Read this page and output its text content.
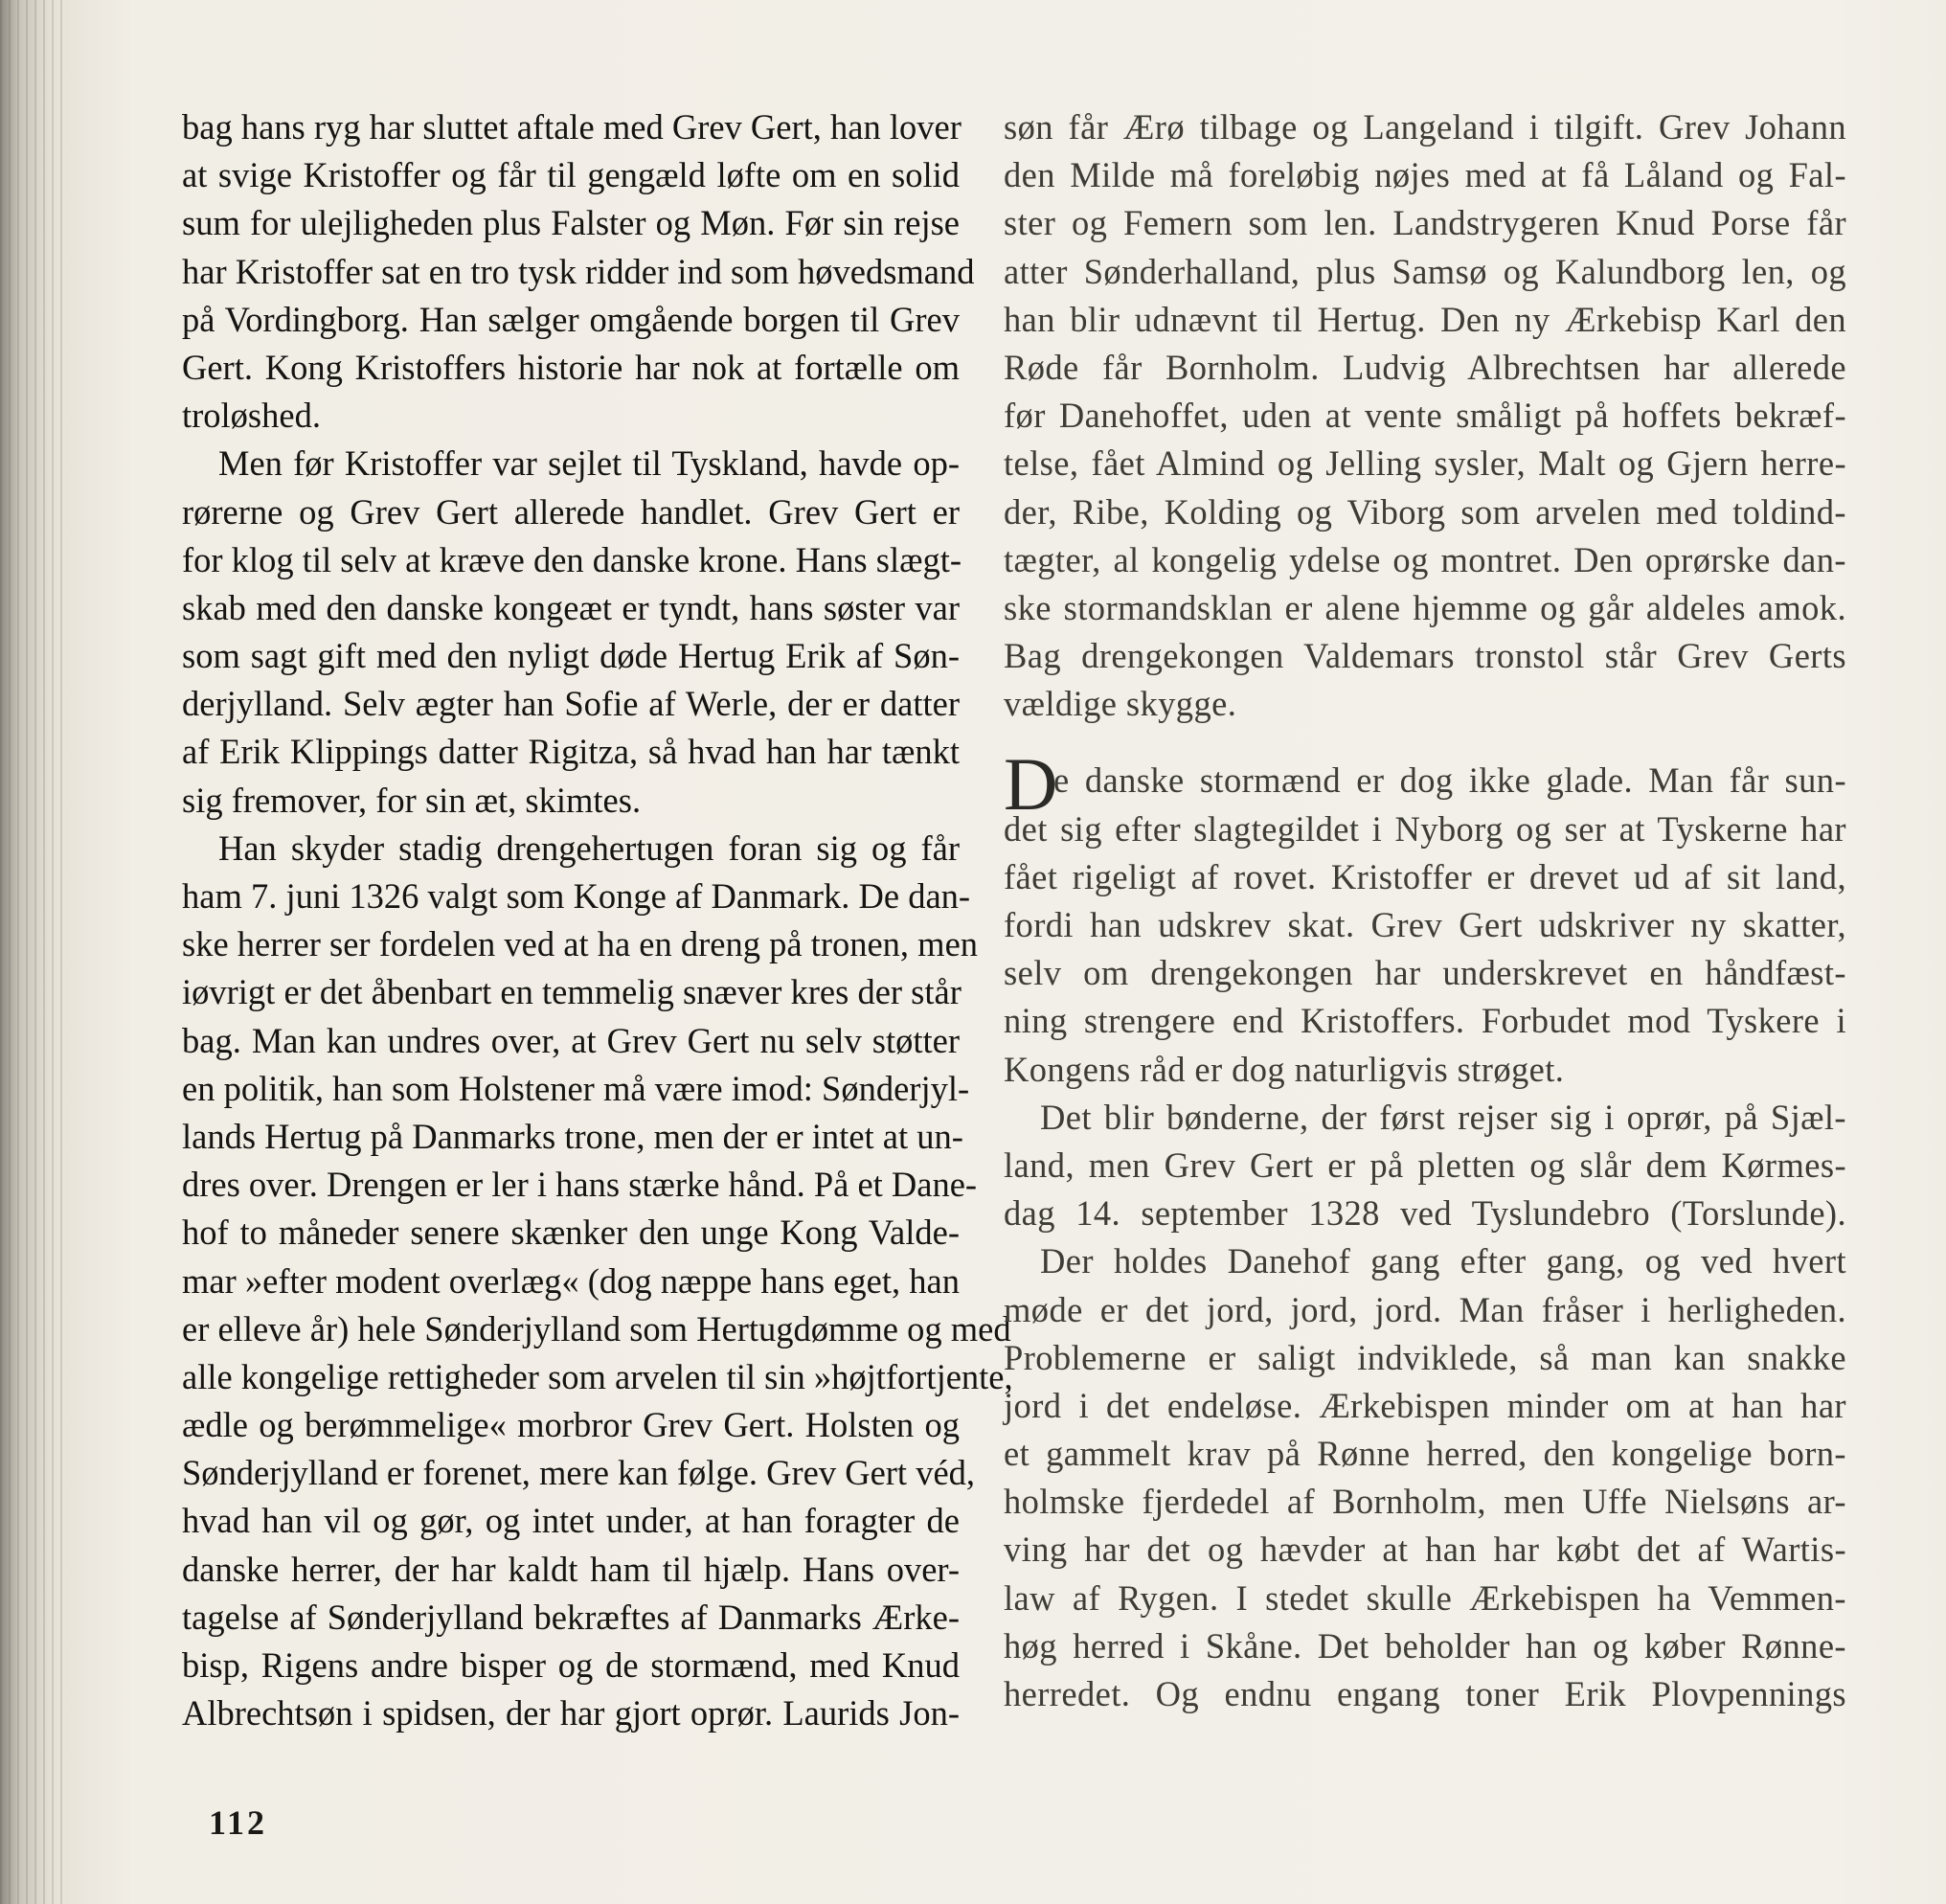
bag hans ryg har sluttet aftale med Grev Gert, han lover
at svige Kristoffer og får til gengæld løfte om en solid
sum for ulejligheden plus Falster og Møn. Før sin rejse
har Kristoffer sat en tro tysk ridder ind som høvedsmand
på Vordingborg. Han sælger omgående borgen til Grev
Gert. Kong Kristoffers historie har nok at fortælle om
troløshed.
Men før Kristoffer var sejlet til Tyskland, havde op-
rørerne og Grev Gert allerede handlet. Grev Gert er
for klog til selv at kræve den danske krone. Hans slægt-
skab med den danske kongeæt er tyndt, hans søster var
som sagt gift med den nyligt døde Hertug Erik af Søn-
derjylland. Selv ægter han Sofie af Werle, der er datter
af Erik Klippings datter Rigitza, så hvad han har tænkt
sig fremover, for sin æt, skimtes.
Han skyder stadig drengehertugen foran sig og får
ham 7. juni 1326 valgt som Konge af Danmark. De dan-
ske herrer ser fordelen ved at ha en dreng på tronen, men
iøvrigt er det åbenbart en temmelig snæver kres der står
bag. Man kan undres over, at Grev Gert nu selv støtter
en politik, han som Holstener må være imod: Sønderjyl-
lands Hertug på Danmarks trone, men der er intet at un-
dres over. Drengen er ler i hans stærke hånd. På et Dane-
hof to måneder senere skænker den unge Kong Valde-
mar »efter modent overlæg« (dog næppe hans eget, han
er elleve år) hele Sønderjylland som Hertugdømme og med
alle kongelige rettigheder som arvelen til sin »højtfortjente,
ædle og berømmelige« morbror Grev Gert. Holsten og
Sønderjylland er forenet, mere kan følge. Grev Gert véd,
hvad han vil og gør, og intet under, at han foragter de
danske herrer, der har kaldt ham til hjælp. Hans over-
tagelse af Sønderjylland bekræftes af Danmarks Ærke-
bisp, Rigens andre bisper og de stormænd, med Knud
Albrechtsøn i spidsen, der har gjort oprør. Laurids Jon-
søn får Ærø tilbage og Langeland i tilgift. Grev Johann
den Milde må foreløbig nøjes med at få Låland og Fal-
ster og Femern som len. Landstrygeren Knud Porse får
atter Sønderhalland, plus Samsø og Kalundborg len, og
han blir udnævnt til Hertug. Den ny Ærkebisp Karl den
Røde får Bornholm. Ludvig Albrechtsen har allerede
før Danehoffet, uden at vente småligt på hoffets bekræf-
telse, fået Almind og Jelling sysler, Malt og Gjern herre-
der, Ribe, Kolding og Viborg som arvelen med toldind-
tægter, al kongelig ydelse og montret. Den oprørske dan-
ske stormandsklan er alene hjemme og går aldeles amok.
Bag drengekongen Valdemars tronstol står Grev Gerts
vældige skygge.
D
e danske stormænd er dog ikke glade. Man får sun-
det sig efter slagtegildet i Nyborg og ser at Tyskerne har
fået rigeligt af rovet. Kristoffer er drevet ud af sit land,
fordi han udskrev skat. Grev Gert udskriver ny skatter,
selv om drengekongen har underskrevet en håndfæst-
ning strengere end Kristoffers. Forbudet mod Tyskere i
Kongens råd er dog naturligvis strøget.
Det blir bønderne, der først rejser sig i oprør, på Sjæl-
land, men Grev Gert er på pletten og slår dem Kørmes-
dag 14. september 1328 ved Tyslundebro (Torslunde).
Der holdes Danehof gang efter gang, og ved hvert
møde er det jord, jord, jord. Man fråser i herligheden.
Problemerne er saligt indviklede, så man kan snakke
jord i det endeløse. Ærkebispen minder om at han har
et gammelt krav på Rønne herred, den kongelige born-
holmske fjerdedel af Bornholm, men Uffe Nielsøns ar-
ving har det og hævder at han har købt det af Wartis-
law af Rygen. I stedet skulle Ærkebispen ha Vemmen-
høg herred i Skåne. Det beholder han og køber Rønne-
herredet. Og endnu engang toner Erik Plovpennings
112
